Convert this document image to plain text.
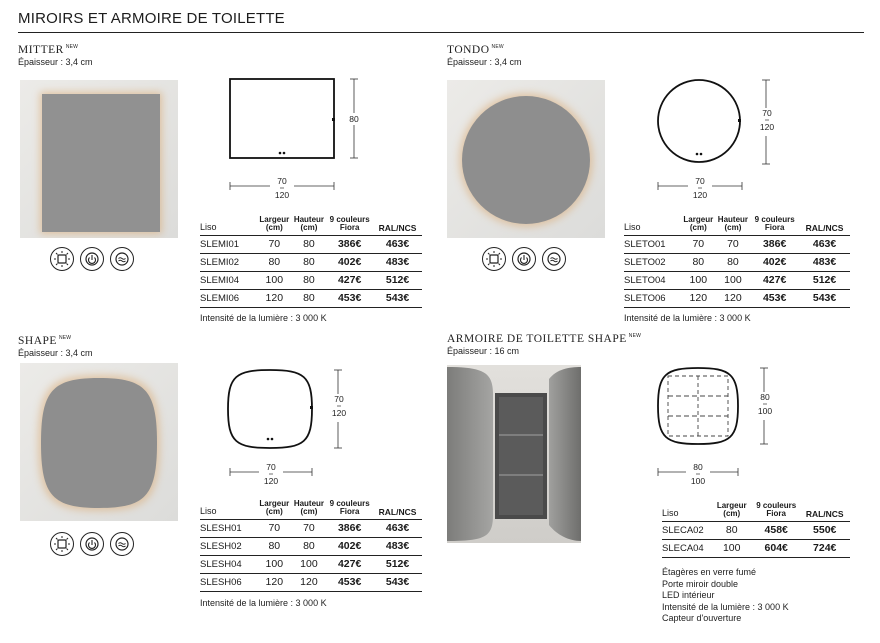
MIROIRS ET ARMOIRE DE TOILETTE
MITTER $^{NEW}$
Épaisseur : 3,4 cm
80
70
120
Liso	Largeur (cm)	Hauteur (cm)	9 couleurs Fiora	RAL/NCS
SLEMI01	70	80	386€	463€
SLEMI02	80	80	402€	483€
SLEMI04	100	80	427€	512€
SLEMI06	120	80	453€	543€
Intensité de la lumière : 3 000 K
TONDO $^{NEW}$
Épaisseur : 3,4 cm
70
120
70
120
Liso	Largeur (cm)	Hauteur (cm)	9 couleurs Fiora	RAL/NCS
SLETO01	70	70	386€	463€
SLETO02	80	80	402€	483€
SLETO04	100	100	427€	512€
SLETO06	120	120	453€	543€
Intensité de la lumière : 3 000 K
SHAPE $^{NEW}$
Épaisseur : 3,4 cm
70
120
70
120
Liso	Largeur (cm)	Hauteur (cm)	9 couleurs Fiora	RAL/NCS
SLESH01	70	70	386€	463€
SLESH02	80	80	402€	483€
SLESH04	100	100	427€	512€
SLESH06	120	120	453€	543€
Intensité de la lumière : 3 000 K
ARMOIRE DE TOILETTE SHAPE $^{NEW}$
Épaisseur : 16 cm
80
100
80
100
Liso	Largeur (cm)	9 couleurs Fiora	RAL/NCS
SLECA02	80	458€	550€
SLECA04	100	604€	724€
Étagères en verre fumé
Porte miroir double
LED intérieur
Intensité de la lumière : 3 000 K
Capteur d'ouverture
